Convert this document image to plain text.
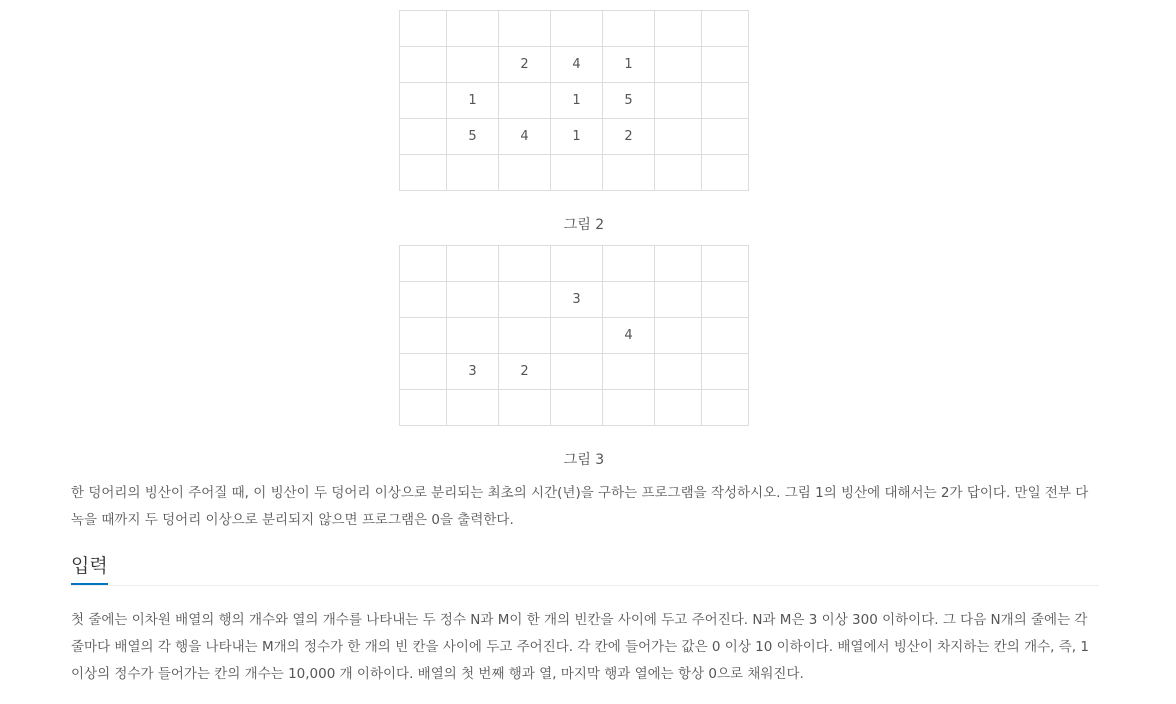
		2	4	1		
	1		1	5		
	5	4	1	2		

그림 2

			3			
				4		
	3	2				

그림 3

한 덩어리의 빙산이 주어질 때, 이 빙산이 두 덩어리 이상으로 분리되는 최초의 시간(년)을 구하는 프로그램을 작성하시오. 그림 1의 빙산에 대해서는 2가 답이다. 만일 전부 다 녹을 때까지 두 덩어리 이상으로 분리되지 않으면 프로그램은 0을 출력한다.

입력

첫 줄에는 이차원 배열의 행의 개수와 열의 개수를 나타내는 두 정수 N과 M이 한 개의 빈칸을 사이에 두고 주어진다. N과 M은 3 이상 300 이하이다. 그 다음 N개의 줄에는 각 줄마다 배열의 각 행을 나타내는 M개의 정수가 한 개의 빈 칸을 사이에 두고 주어진다. 각 칸에 들어가는 값은 0 이상 10 이하이다. 배열에서 빙산이 차지하는 칸의 개수, 즉, 1 이상의 정수가 들어가는 칸의 개수는 10,000 개 이하이다. 배열의 첫 번째 행과 열, 마지막 행과 열에는 항상 0으로 채워진다.
